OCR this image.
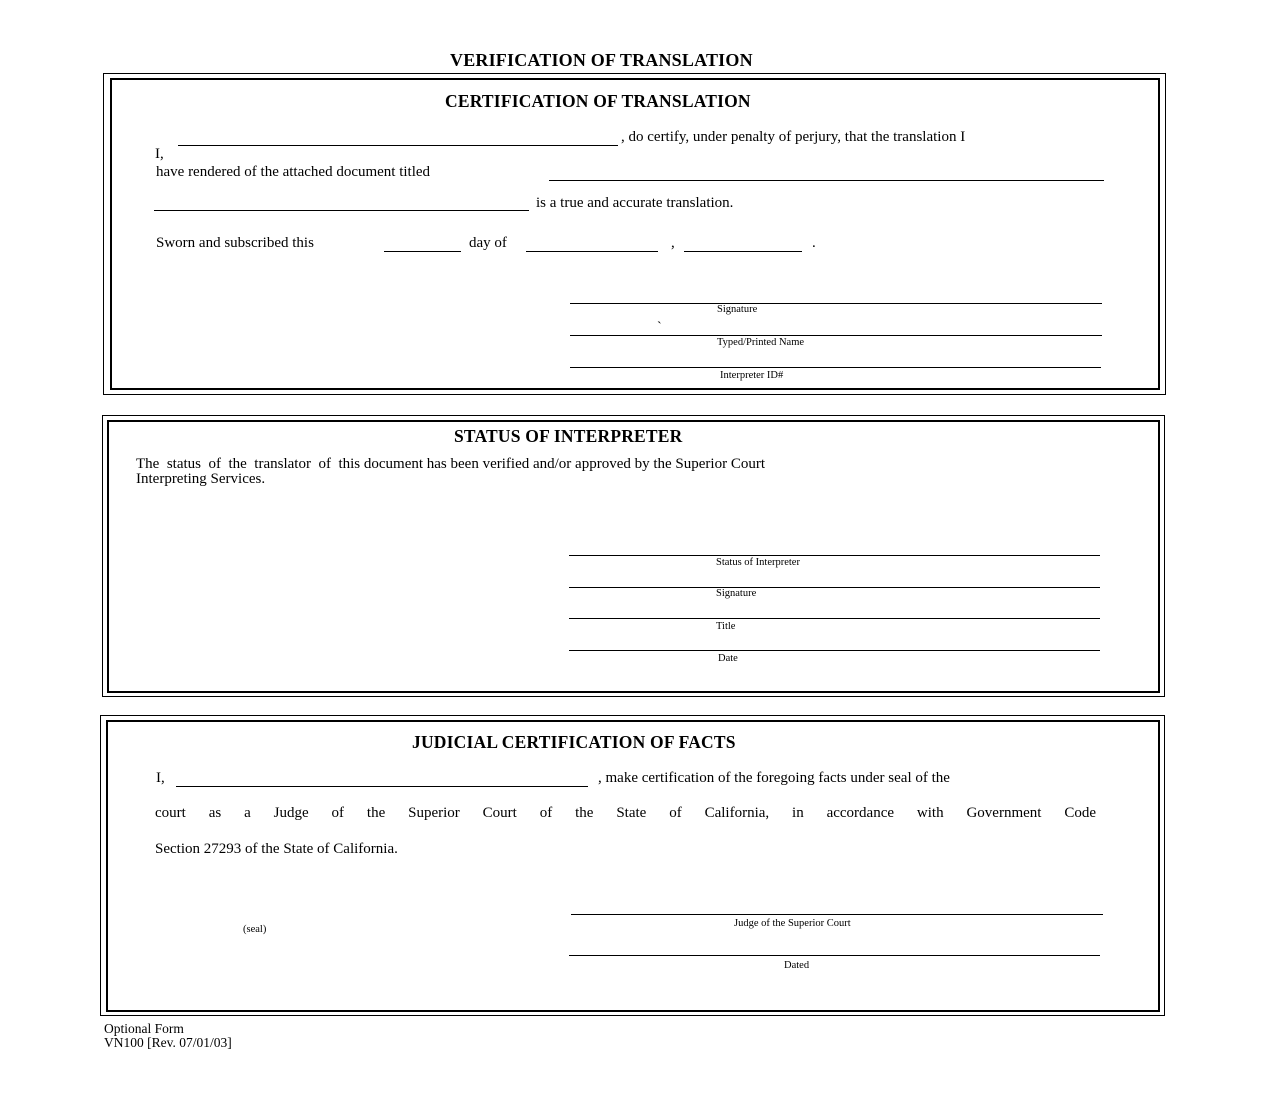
VERIFICATION OF TRANSLATION
CERTIFICATION OF TRANSLATION
, do certify, under penalty of perjury, that the translation I
I,
have rendered of the attached document titled
is a true and accurate translation.
Sworn and subscribed this	day of	,	.
Signature
`
Typed/Printed Name
Interpreter ID#
STATUS OF INTERPRETER
The  status  of  the  translator  of  this document has been verified and/or approved by the Superior Court
Interpreting Services.
Status of Interpreter
Signature
Title
Date
JUDICIAL CERTIFICATION OF FACTS
I,	, make certification of the foregoing facts under seal of the
court as a Judge of the Superior Court of the State of California, in accordance with Government Code
Section 27293 of the State of California.
(seal)
Judge of the Superior Court
Dated
Optional Form
VN100 [Rev. 07/01/03]
